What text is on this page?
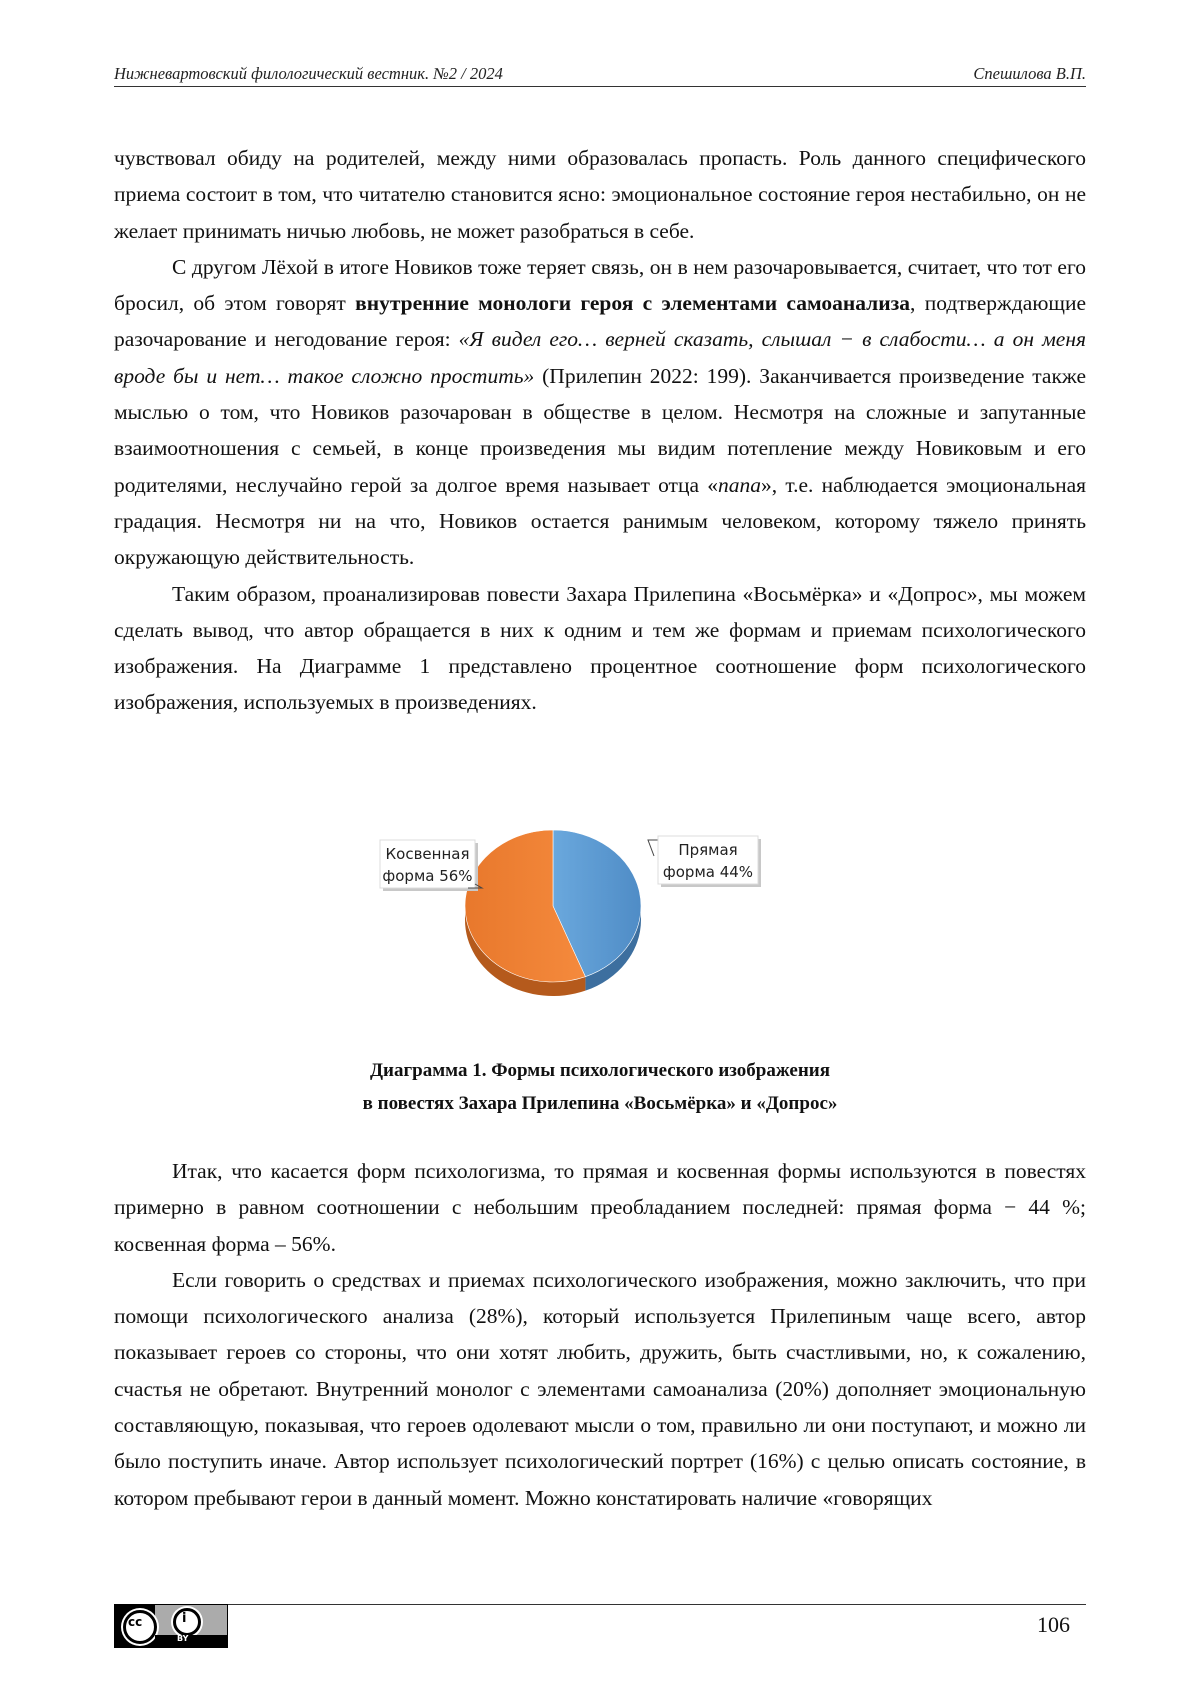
Нижневартовский филологический вестник. №2 / 2024	Спешилова В.П.

чувствовал обиду на родителей, между ними образовалась пропасть. Роль данного специфического приема состоит в том, что читателю становится ясно: эмоциональное состояние героя нестабильно, он не желает принимать ничью любовь, не может разобраться в себе.

С другом Лёхой в итоге Новиков тоже теряет связь, он в нем разочаровывается, считает, что тот его бросил, об этом говорят внутренние монологи героя с элементами самоанализа, подтверждающие разочарование и негодование героя: «Я видел его… верней сказать, слышал − в слабости… а он меня вроде бы и нет… такое сложно простить» (Прилепин 2022: 199). Заканчивается произведение также мыслью о том, что Новиков разочарован в обществе в целом. Несмотря на сложные и запутанные взаимоотношения с семьей, в конце произведения мы видим потепление между Новиковым и его родителями, неслучайно герой за долгое время называет отца «папа», т.е. наблюдается эмоциональная градация. Несмотря ни на что, Новиков остается ранимым человеком, которому тяжело принять окружающую действительность.

Таким образом, проанализировав повести Захара Прилепина «Восьмёрка» и «Допрос», мы можем сделать вывод, что автор обращается в них к одним и тем же формам и приемам психологического изображения. На Диаграмме 1 представлено процентное соотношение форм психологического изображения, используемых в произведениях.

Прямая
форма 44%
Косвенная
форма 56%
Диаграмма 1. Формы психологического изображения
в повестях Захара Прилепина «Восьмёрка» и «Допрос»

Итак, что касается форм психологизма, то прямая и косвенная формы используются в повестях примерно в равном соотношении с небольшим преобладанием последней: прямая форма − 44 %; косвенная форма – 56%.

Если говорить о средствах и приемах психологического изображения, можно заключить, что при помощи психологического анализа (28%), который используется Прилепиным чаще всего, автор показывает героев со стороны, что они хотят любить, дружить, быть счастливыми, но, к сожалению, счастья не обретают. Внутренний монолог с элементами самоанализа (20%) дополняет эмоциональную составляющую, показывая, что героев одолевают мысли о том, правильно ли они поступают, и можно ли было поступить иначе. Автор использует психологический портрет (16%) с целью описать состояние, в котором пребывают герои в данный момент. Можно констатировать наличие «говорящих

cc	i
BY
106
